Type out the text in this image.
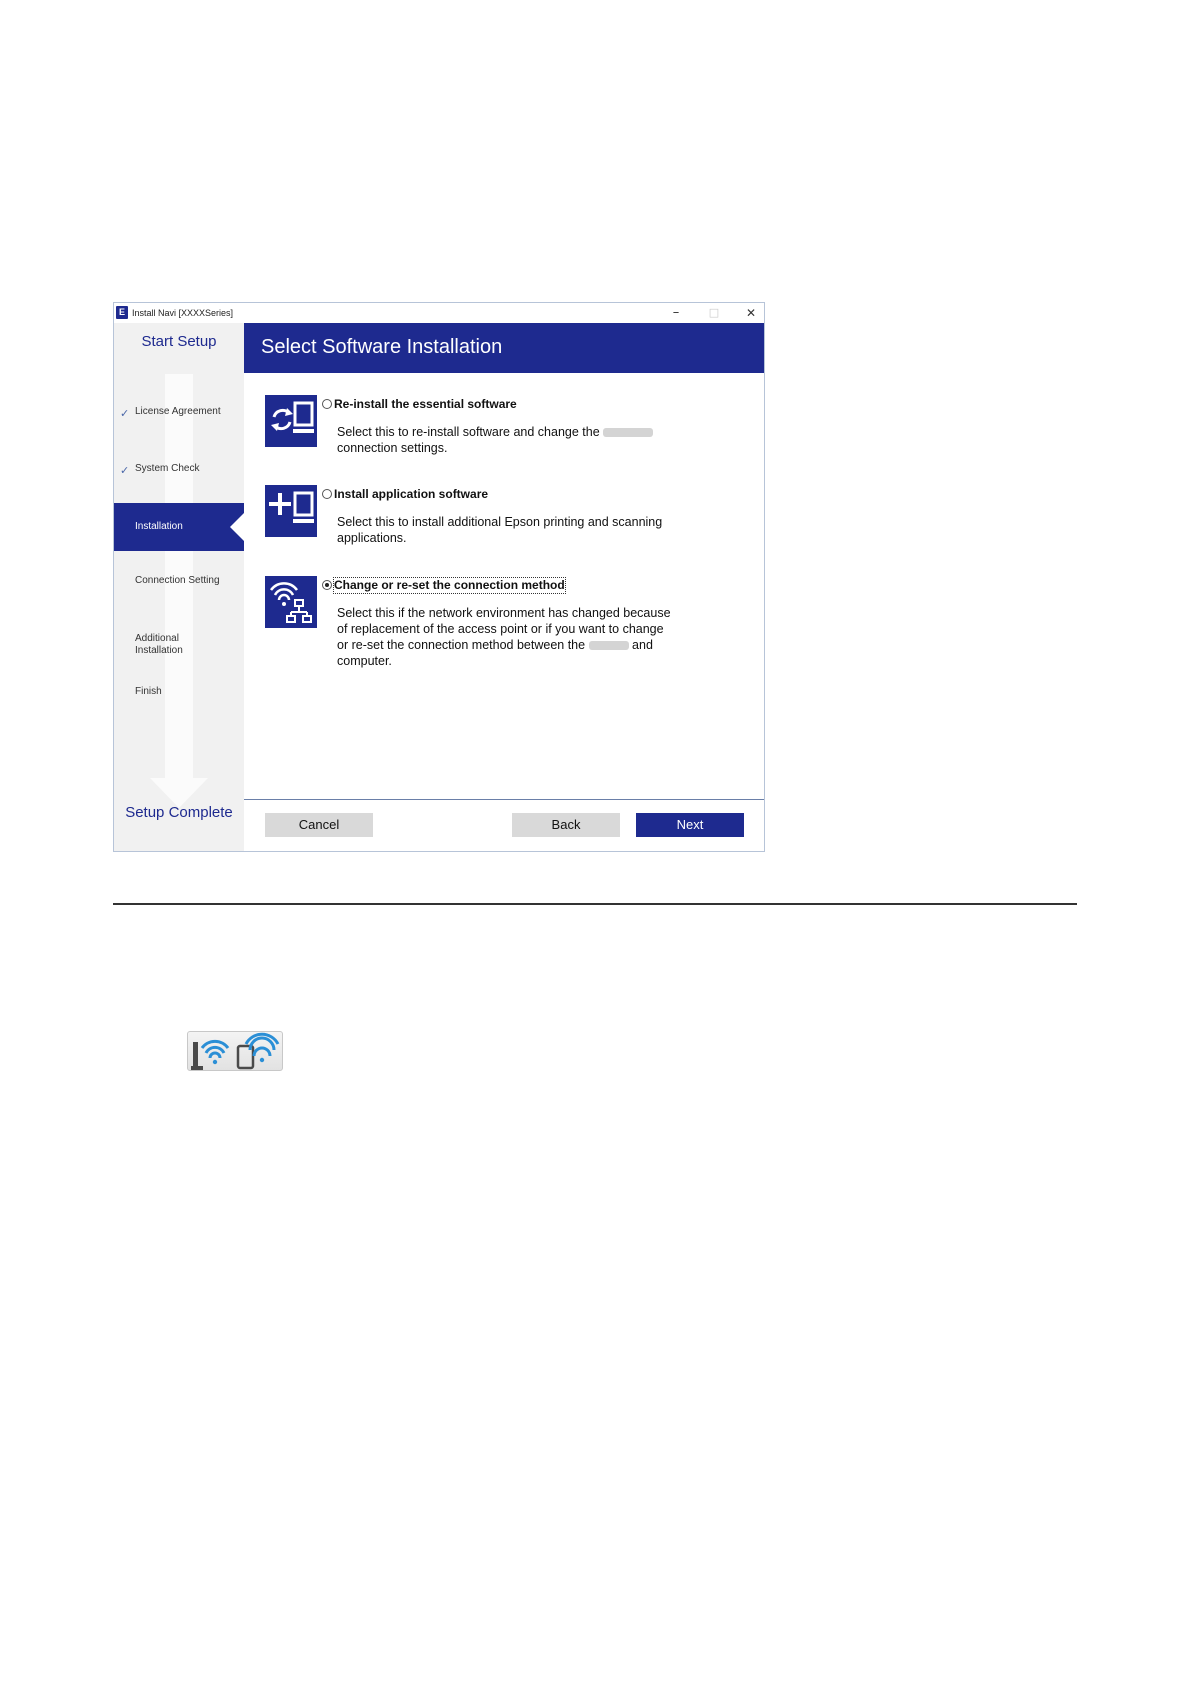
E Install Navi [XXXXSeries]	–	□	✕
Start Setup
✓ License Agreement
✓ System Check
Connection Setting
Additional
Installation
Finish
Setup Complete
Installation
Select Software Installation
Re-install the essential software
Select this to re-install software and change the
connection settings.
Install application software
Select this to install additional Epson printing and scanning
applications.
Change or re-set the connection method
Select this if the network environment has changed because
of replacement of the access point or if you want to change
or re-set the connection method between the	and
computer.
Cancel	Back	Next
